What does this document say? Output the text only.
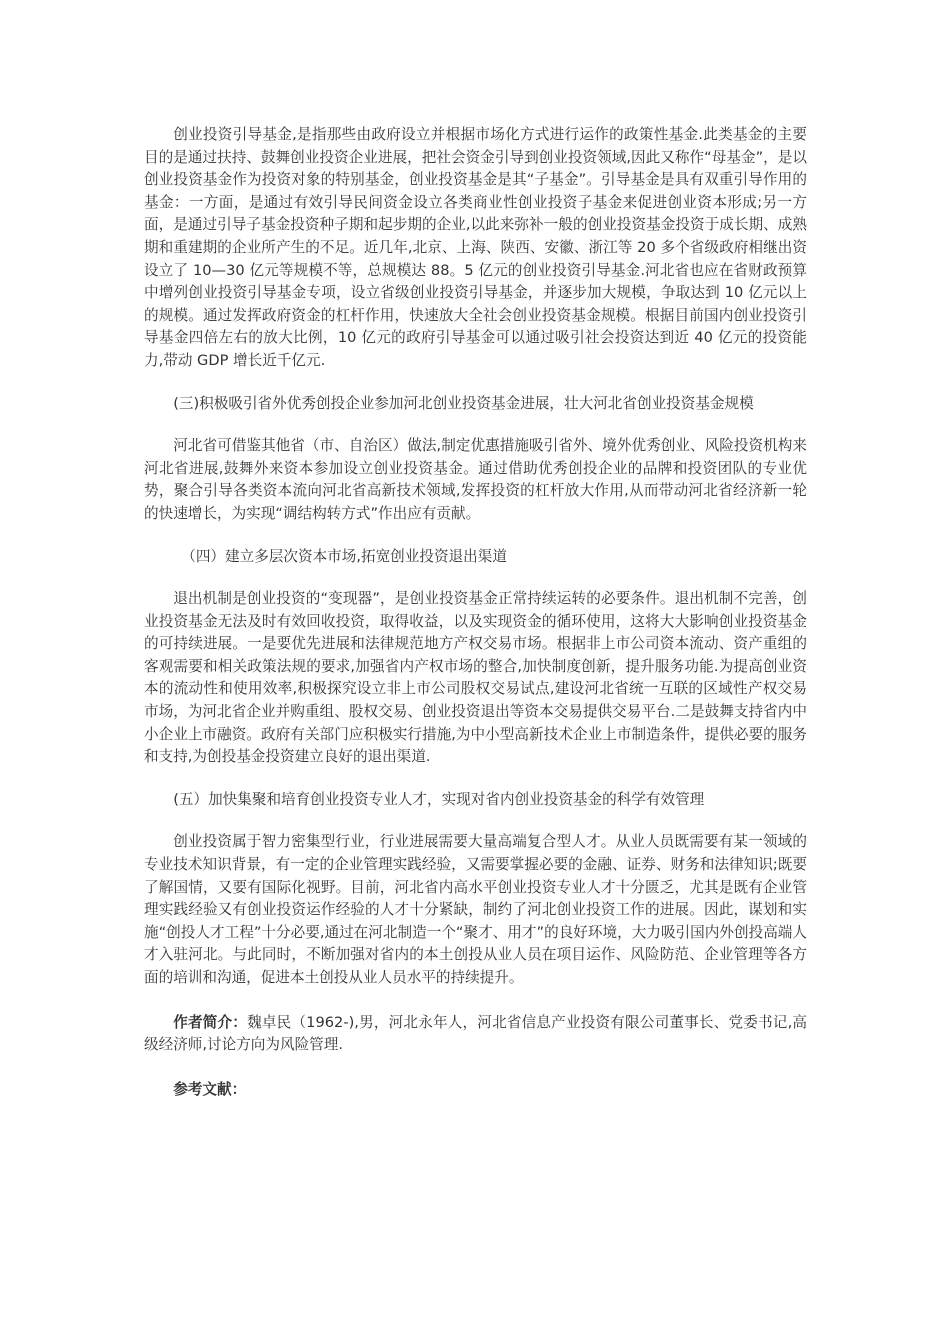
创业投资引导基金,是指那些由政府设立并根据市场化方式进行运作的政策性基金.此类基金的主要目的是通过扶持、鼓舞创业投资企业进展，把社会资金引导到创业投资领域,因此又称作“母基金”，是以创业投资基金作为投资对象的特别基金，创业投资基金是其“子基金”。引导基金是具有双重引导作用的基金：一方面，是通过有效引导民间资金设立各类商业性创业投资子基金来促进创业资本形成;另一方面，是通过引导子基金投资种子期和起步期的企业,以此来弥补一般的创业投资基金投资于成长期、成熟期和重建期的企业所产生的不足。近几年,北京、上海、陕西、安徽、浙江等 20 多个省级政府相继出资设立了 10—30 亿元等规模不等，总规模达 88。5 亿元的创业投资引导基金.河北省也应在省财政预算中增列创业投资引导基金专项，设立省级创业投资引导基金，并逐步加大规模，争取达到 10 亿元以上的规模。通过发挥政府资金的杠杆作用，快速放大全社会创业投资基金规模。根据目前国内创业投资引导基金四倍左右的放大比例，10 亿元的政府引导基金可以通过吸引社会投资达到近 40 亿元的投资能力,带动 GDP 增长近千亿元.

(三)积极吸引省外优秀创投企业参加河北创业投资基金进展，壮大河北省创业投资基金规模

河北省可借鉴其他省（市、自治区）做法,制定优惠措施吸引省外、境外优秀创业、风险投资机构来河北省进展,鼓舞外来资本参加设立创业投资基金。通过借助优秀创投企业的品牌和投资团队的专业优势，聚合引导各类资本流向河北省高新技术领域,发挥投资的杠杆放大作用,从而带动河北省经济新一轮的快速增长，为实现“调结构转方式”作出应有贡献。

（四）建立多层次资本市场,拓宽创业投资退出渠道

退出机制是创业投资的“变现器”，是创业投资基金正常持续运转的必要条件。退出机制不完善，创业投资基金无法及时有效回收投资，取得收益，以及实现资金的循环使用，这将大大影响创业投资基金的可持续进展。一是要优先进展和法律规范地方产权交易市场。根据非上市公司资本流动、资产重组的客观需要和相关政策法规的要求,加强省内产权市场的整合,加快制度创新，提升服务功能.为提高创业资本的流动性和使用效率,积极探究设立非上市公司股权交易试点,建设河北省统一互联的区域性产权交易市场，为河北省企业并购重组、股权交易、创业投资退出等资本交易提供交易平台.二是鼓舞支持省内中小企业上市融资。政府有关部门应积极实行措施,为中小型高新技术企业上市制造条件，提供必要的服务和支持,为创投基金投资建立良好的退出渠道.

(五）加快集聚和培育创业投资专业人才，实现对省内创业投资基金的科学有效管理

创业投资属于智力密集型行业，行业进展需要大量高端复合型人才。从业人员既需要有某一领域的专业技术知识背景，有一定的企业管理实践经验，又需要掌握必要的金融、证券、财务和法律知识;既要了解国情，又要有国际化视野。目前，河北省内高水平创业投资专业人才十分匮乏，尤其是既有企业管理实践经验又有创业投资运作经验的人才十分紧缺，制约了河北创业投资工作的进展。因此，谋划和实施“创投人才工程”十分必要,通过在河北制造一个“聚才、用才”的良好环境，大力吸引国内外创投高端人才入驻河北。与此同时，不断加强对省内的本土创投从业人员在项目运作、风险防范、企业管理等各方面的培训和沟通，促进本土创投从业人员水平的持续提升。

作者简介：魏卓民（1962-),男，河北永年人，河北省信息产业投资有限公司董事长、党委书记,高级经济师,讨论方向为风险管理.

参考文献：
